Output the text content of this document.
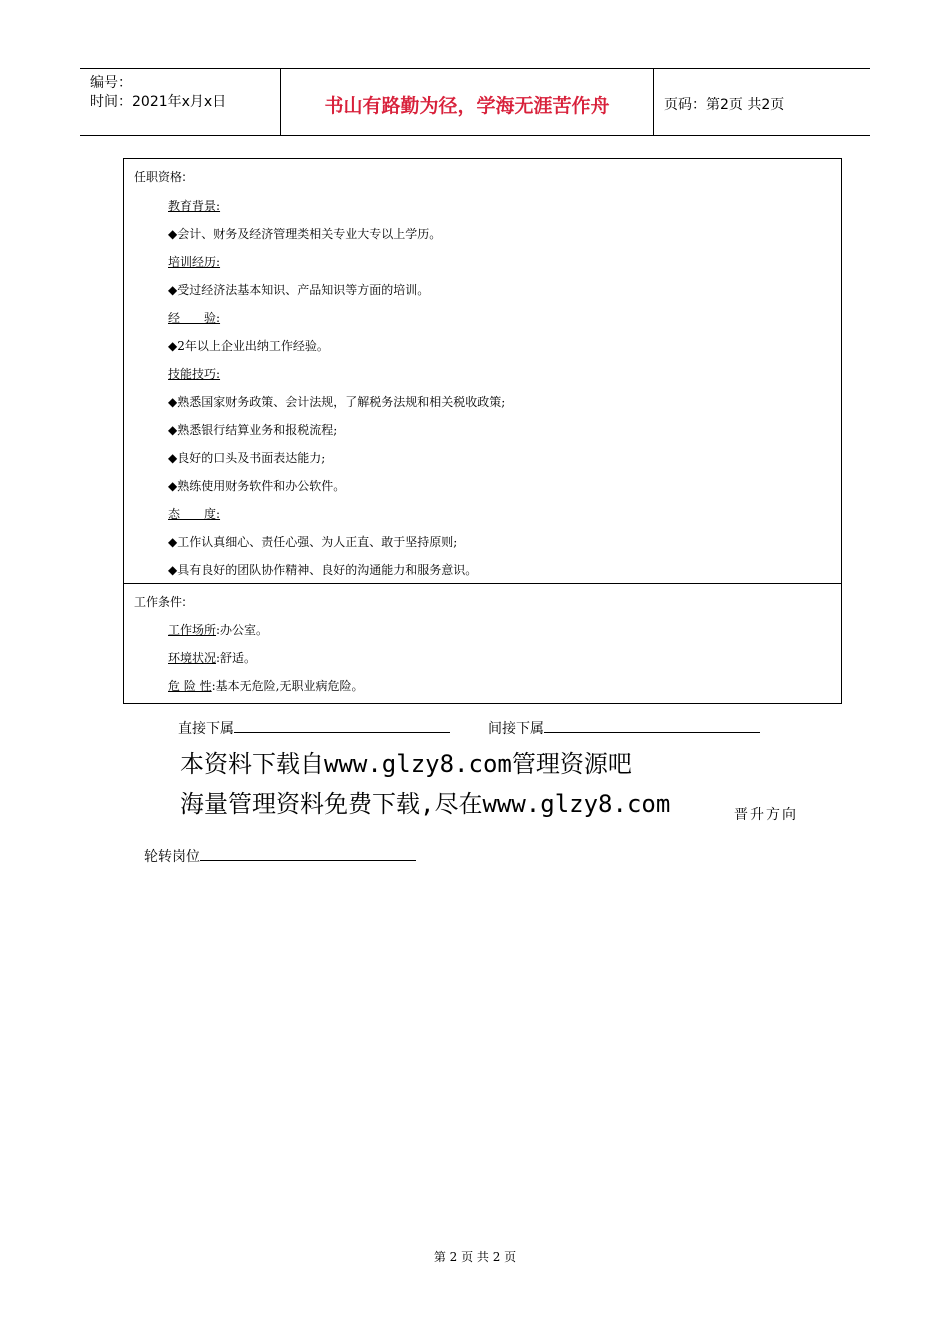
编号：
时间：2021年x月x日	书山有路勤为径，学海无涯苦作舟	页码：第2页 共2页
任职资格:
教育背景:
◆会计、财务及经济管理类相关专业大专以上学历。
培训经历:
◆受过经济法基本知识、产品知识等方面的培训。
经　　验:
◆2年以上企业出纳工作经验。
技能技巧:
◆熟悉国家财务政策、会计法规，了解税务法规和相关税收政策;
◆熟悉银行结算业务和报税流程;
◆良好的口头及书面表达能力;
◆熟练使用财务软件和办公软件。
态　　度:
◆工作认真细心、责任心强、为人正直、敢于坚持原则;
◆具有良好的团队协作精神、良好的沟通能力和服务意识。
工作条件:
工作场所:办公室。
环境状况:舒适。
危 险 性:基本无危险,无职业病危险。
直接下属	间接下属
本资料下载自www.glzy8.com管理资源吧
海量管理资料免费下载,尽在www.glzy8.com	晋升方向
轮转岗位
第 2 页 共 2 页
